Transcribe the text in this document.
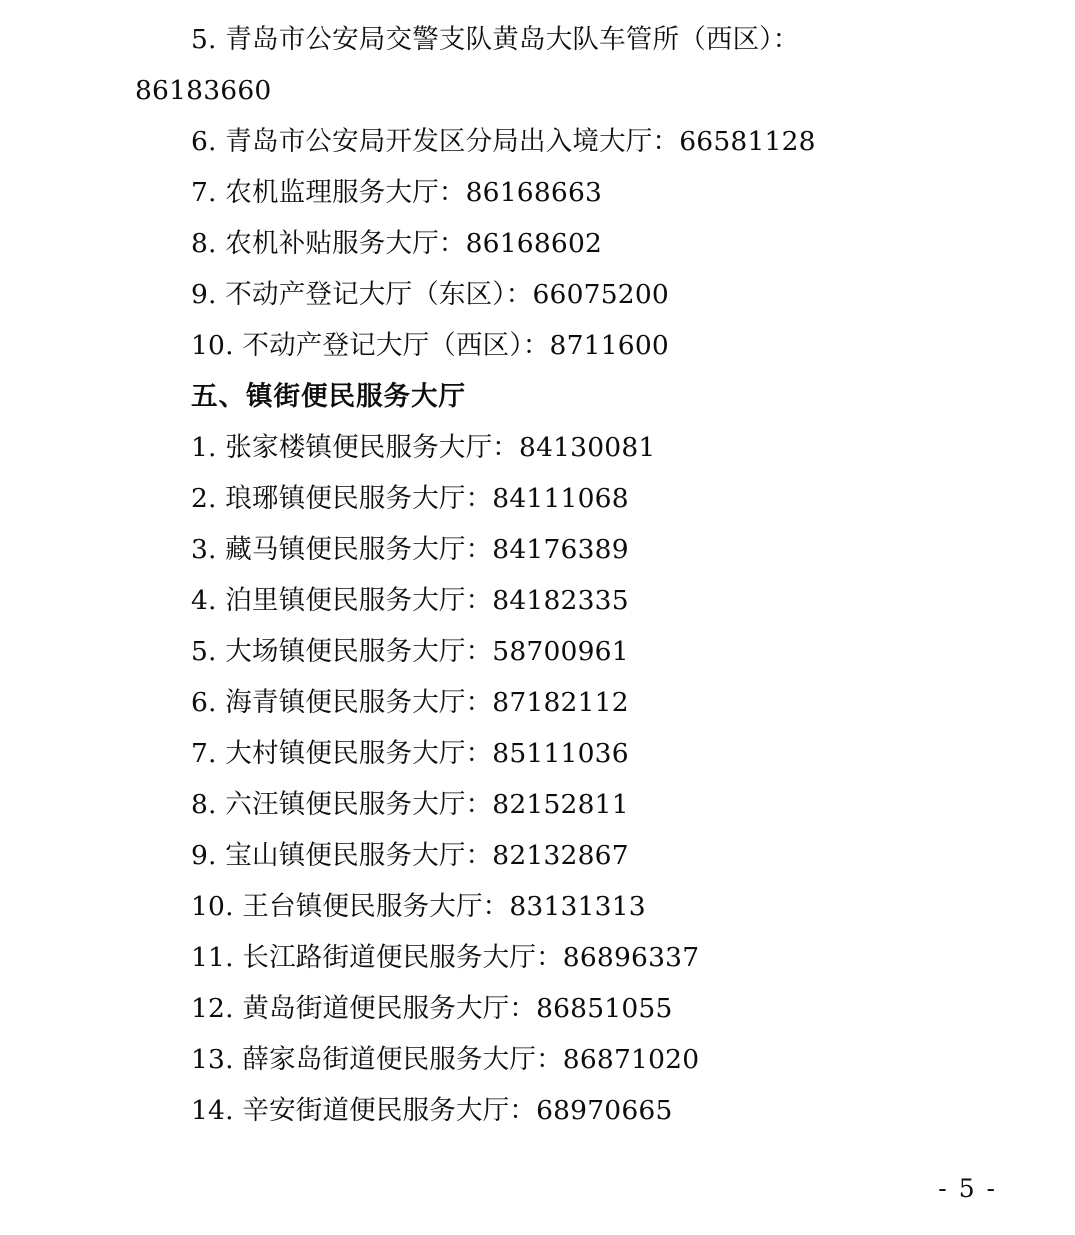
5. 青岛市公安局交警支队黄岛大队车管所（西区）：
86183660
6. 青岛市公安局开发区分局出入境大厅：66581128
7. 农机监理服务大厅：86168663
8. 农机补贴服务大厅：86168602
9. 不动产登记大厅（东区）：66075200
10. 不动产登记大厅（西区）：8711600
五、镇街便民服务大厅
1. 张家楼镇便民服务大厅：84130081
2. 琅琊镇便民服务大厅：84111068
3. 藏马镇便民服务大厅：84176389
4. 泊里镇便民服务大厅：84182335
5. 大场镇便民服务大厅：58700961
6. 海青镇便民服务大厅：87182112
7. 大村镇便民服务大厅：85111036
8. 六汪镇便民服务大厅：82152811
9. 宝山镇便民服务大厅：82132867
10. 王台镇便民服务大厅：83131313
11. 长江路街道便民服务大厅：86896337
12. 黄岛街道便民服务大厅：86851055
13. 薛家岛街道便民服务大厅：86871020
14. 辛安街道便民服务大厅：68970665
- 5 -
